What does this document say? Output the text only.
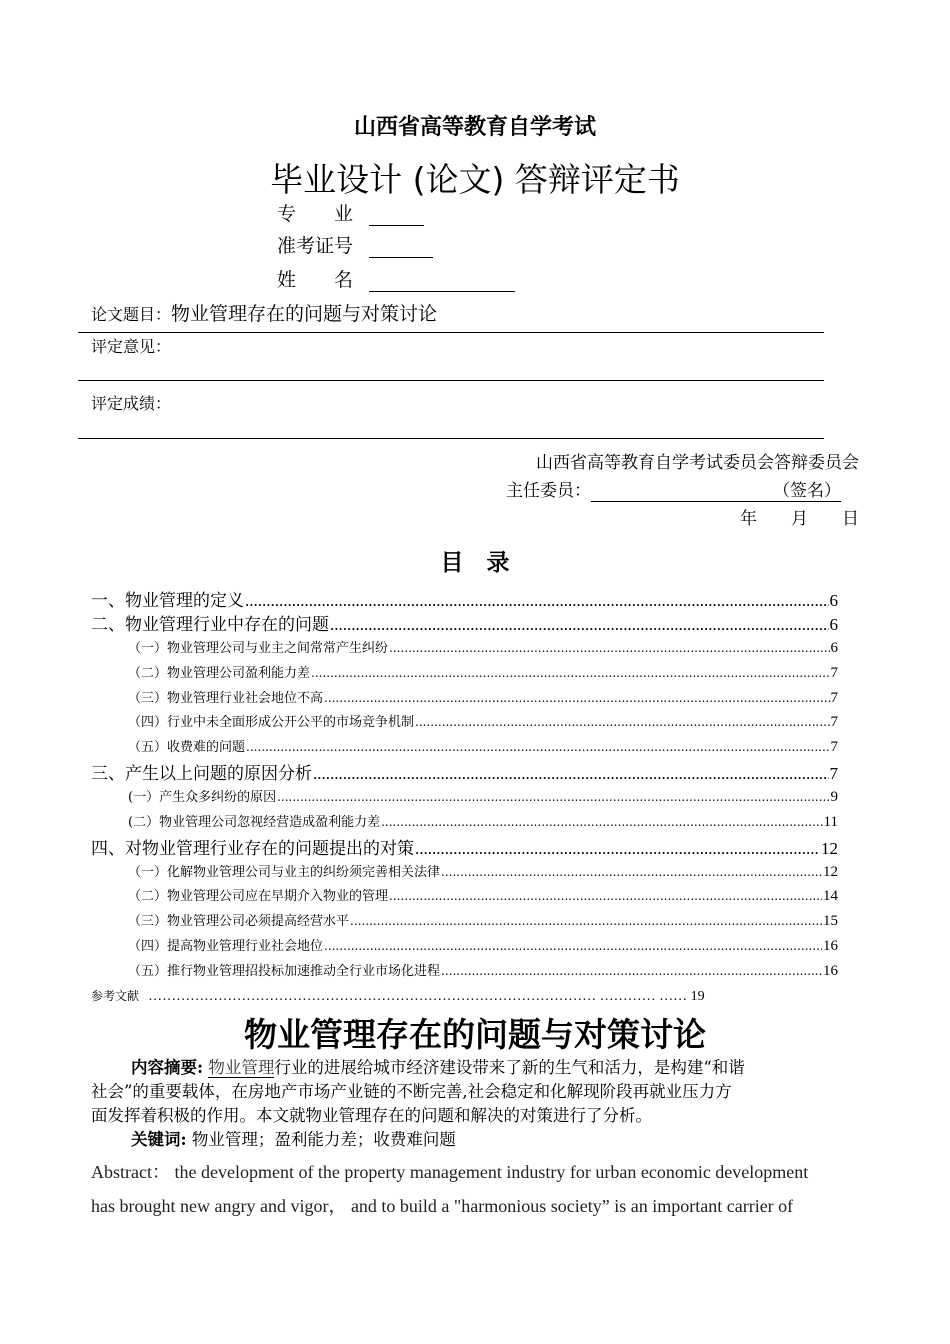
山西省高等教育自学考试
毕业设计 (论文) 答辩评定书
专　　业
准考证号
姓　　名
论文题目：物业管理存在的问题与对策讨论
评定意见：
评定成绩：
山西省高等教育自学考试委员会答辩委员会
主任委员：	（签名）
年　　月　　日
目　录
一、物业管理的定义 .....	6
二、物业管理行业中存在的问题 .....	6
（一）物业管理公司与业主之间常常产生纠纷 .....	6
（二）物业管理公司盈利能力差 .....	7
（三）物业管理行业社会地位不高 .....	7
（四）行业中未全面形成公开公平的市场竞争机制 .....	7
（五）收费难的问题 .....	7
三、产生以上问题的原因分析 .....	7
(一）产生众多纠纷的原因 .....	9
(二）物业管理公司忽视经营造成盈利能力差 .....	11
四、对物业管理行业存在的问题提出的对策 .....	12
（一）化解物业管理公司与业主的纠纷须完善相关法律 .....	12
（二）物业管理公司应在早期介入物业的管理 .....	14
（三）物业管理公司必须提高经营水平 .....	15
（四）提高物业管理行业社会地位 .....	16
（五）推行物业管理招投标加速推动全行业市场化进程 .....	16
参考文献 …………………………………………………………………………………… ………… …… 19
物业管理存在的问题与对策讨论
内容摘要: 物业管理行业的进展给城市经济建设带来了新的生气和活力，是构建“和谐
社会”的重要载体，在房地产市场产业链的不断完善,社会稳定和化解现阶段再就业压力方
面发挥着积极的作用。本文就物业管理存在的问题和解决的对策进行了分析。
关键词: 物业管理；盈利能力差；收费难问题
Abstract： the development of the property management industry for urban economic development
has brought new angry and vigor， and to build a "harmonious society” is an important carrier of
